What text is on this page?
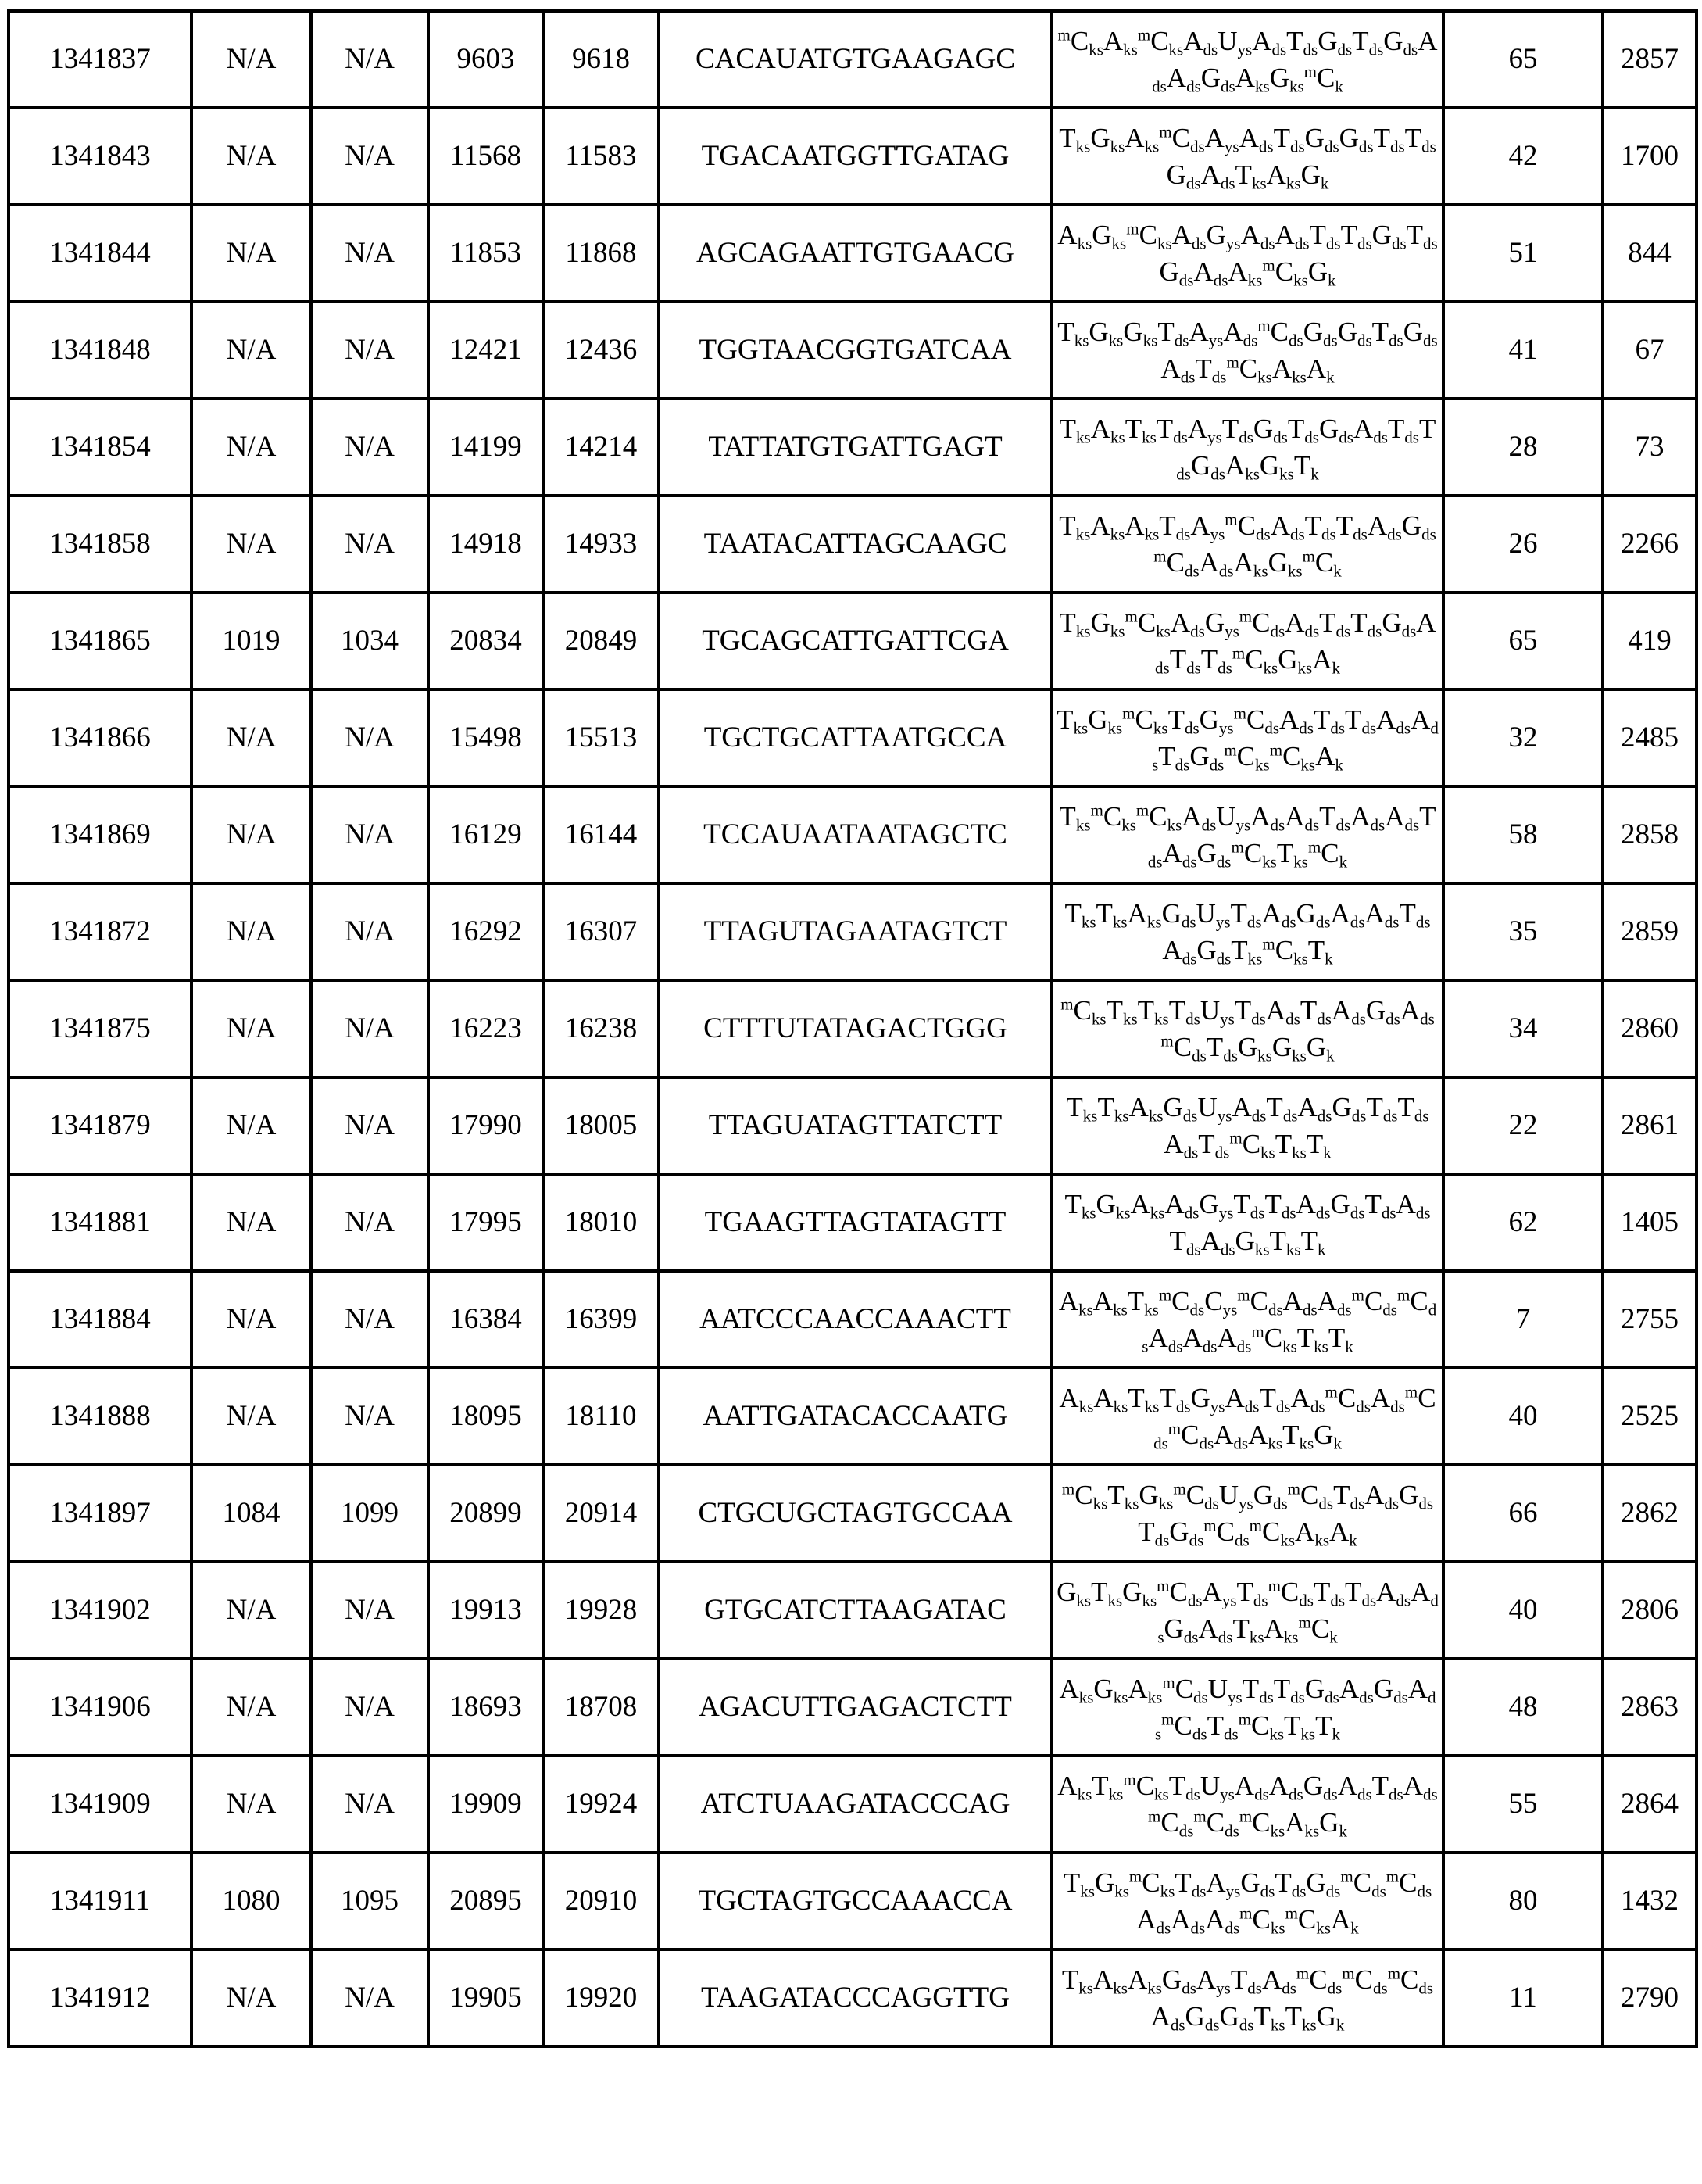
1341837	N/A	N/A	9603	9618	CACAUATGTGAAGAGC	mCksAksmCksAdsUysAdsTdsGdsTdsGdsAdsAdsGdsAksGksmCk	65	2857
1341843	N/A	N/A	11568	11583	TGACAATGGTTGATAG	TksGksAksmCdsAysAdsTdsGdsGdsTdsTdsGdsAdsTksAksGk	42	1700
1341844	N/A	N/A	11853	11868	AGCAGAATTGTGAACG	AksGksmCksAdsGysAdsAdsTdsTdsGdsTdsGdsAdsAksmCksGk	51	844
1341848	N/A	N/A	12421	12436	TGGTAACGGTGATCAA	TksGksGksTdsAysAdsmCdsGdsGdsTdsGdsAdsTdsmCksAksAk	41	67
1341854	N/A	N/A	14199	14214	TATTATGTGATTGAGT	TksAksTksTdsAysTdsGdsTdsGdsAdsTdsTdsGdsAksGksTk	28	73
1341858	N/A	N/A	14918	14933	TAATACATTAGCAAGC	TksAksAksTdsAysmCdsAdsTdsTdsAdsGdsmCdsAdsAksGksmCk	26	2266
1341865	1019	1034	20834	20849	TGCAGCATTGATTCGA	TksGksmCksAdsGysmCdsAdsTdsTdsGdsAdsTdsTdsmCksGksAk	65	419
1341866	N/A	N/A	15498	15513	TGCTGCATTAATGCCA	TksGksmCksTdsGysmCdsAdsTdsTdsAdsAdsTdsGdsmCksmCksAk	32	2485
1341869	N/A	N/A	16129	16144	TCCAUAATAATAGCTC	TksmCksmCksAdsUysAdsAdsTdsAdsAdsTdsAdsGdsmCksTksmCk	58	2858
1341872	N/A	N/A	16292	16307	TTAGUTAGAATAGTCT	TksTksAksGdsUysTdsAdsGdsAdsAdsTdsAdsGdsTksmCksTk	35	2859
1341875	N/A	N/A	16223	16238	CTTTUTATAGACTGGG	mCksTksTksTdsUysTdsAdsTdsAdsGdsAdsmCdsTdsGksGksGk	34	2860
1341879	N/A	N/A	17990	18005	TTAGUATAGTTATCTT	TksTksAksGdsUysAdsTdsAdsGdsTdsTdsAdsTdsmCksTksTk	22	2861
1341881	N/A	N/A	17995	18010	TGAAGTTAGTATAGTT	TksGksAksAdsGysTdsTdsAdsGdsTdsAdsTdsAdsGksTksTk	62	1405
1341884	N/A	N/A	16384	16399	AATCCCAACCAAACTT	AksAksTksmCdsCysmCdsAdsAdsmCdsmCdsAdsAdsAdsmCksTksTk	7	2755
1341888	N/A	N/A	18095	18110	AATTGATACACCAATG	AksAksTksTdsGysAdsTdsAdsmCdsAdsmCdsmCdsAdsAksTksGk	40	2525
1341897	1084	1099	20899	20914	CTGCUGCTAGTGCCAA	mCksTksGksmCdsUysGdsmCdsTdsAdsGdsTdsGdsmCdsmCksAksAk	66	2862
1341902	N/A	N/A	19913	19928	GTGCATCTTAAGATAC	GksTksGksmCdsAysTdsmCdsTdsTdsAdsAdsGdsAdsTksAksmCk	40	2806
1341906	N/A	N/A	18693	18708	AGACUTTGAGACTCTT	AksGksAksmCdsUysTdsTdsGdsAdsGdsAdsmCdsTdsmCksTksTk	48	2863
1341909	N/A	N/A	19909	19924	ATCTUAAGATACCCAG	AksTksmCksTdsUysAdsAdsGdsAdsTdsAdsmCdsmCdsmCksAksGk	55	2864
1341911	1080	1095	20895	20910	TGCTAGTGCCAAACCA	TksGksmCksTdsAysGdsTdsGdsmCdsmCdsAdsAdsAdsmCksmCksAk	80	1432
1341912	N/A	N/A	19905	19920	TAAGATACCCAGGTTG	TksAksAksGdsAysTdsAdsmCdsmCdsmCdsAdsGdsGdsTksTksGk	11	2790
